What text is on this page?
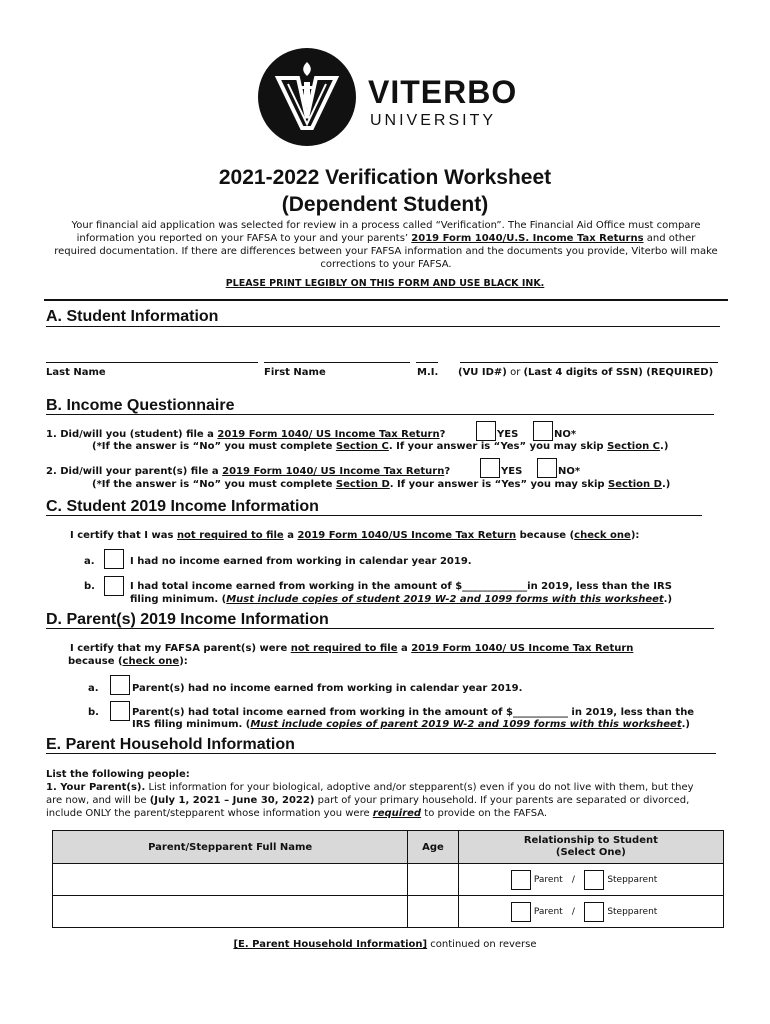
VITERBO
UNIVERSITY
2021-2022 Verification Worksheet
(Dependent Student)
Your financial aid application was selected for review in a process called “Verification”. The Financial Aid Office must compare
information you reported on your FAFSA to your and your parents’ 2019 Form 1040/U.S. Income Tax Returns and other
required documentation. If there are differences between your FAFSA information and the documents you provide, Viterbo will make
corrections to your FAFSA.
PLEASE PRINT LEGIBLY ON THIS FORM AND USE BLACK INK.
A. Student Information
Last Name	First Name	M.I. (VU ID#) or (Last 4 digits of SSN) (REQUIRED)
B. Income Questionnaire
1. Did/will you (student) file a 2019 Form 1040/ US Income Tax Return?	YES	NO*
(*If the answer is “No” you must complete Section C. If your answer is “Yes” you may skip Section C.)
2. Did/will your parent(s) file a 2019 Form 1040/ US Income Tax Return?	YES	NO*
(*If the answer is “No” you must complete Section D. If your answer is “Yes” you may skip Section D.)
C. Student 2019 Income Information
I certify that I was not required to file a 2019 Form 1040/US Income Tax Return because (check one):
a.	I had no income earned from working in calendar year 2019.
b.	I had total income earned from working in the amount of $_____________in 2019, less than the IRS
filing minimum. (Must include copies of student 2019 W-2 and 1099 forms with this worksheet.)
D. Parent(s) 2019 Income Information
I certify that my FAFSA parent(s) were not required to file a 2019 Form 1040/ US Income Tax Return
because (check one):
a.	Parent(s) had no income earned from working in calendar year 2019.
b.	Parent(s) had total income earned from working in the amount of $___________ in 2019, less than the
IRS filing minimum. (Must include copies of parent 2019 W-2 and 1099 forms with this worksheet.)
E. Parent Household Information
List the following people:
1. Your Parent(s). List information for your biological, adoptive and/or stepparent(s) even if you do not live with them, but they
are now, and will be (July 1, 2021 – June 30, 2022) part of your primary household. If your parents are separated or divorced,
include ONLY the parent/stepparent whose information you were required to provide on the FAFSA.
Parent/Stepparent Full Name	Age	Relationship to Student
(Select One)

		Parent / Stepparent
		Parent / Stepparent
[E. Parent Household Information] continued on reverse
